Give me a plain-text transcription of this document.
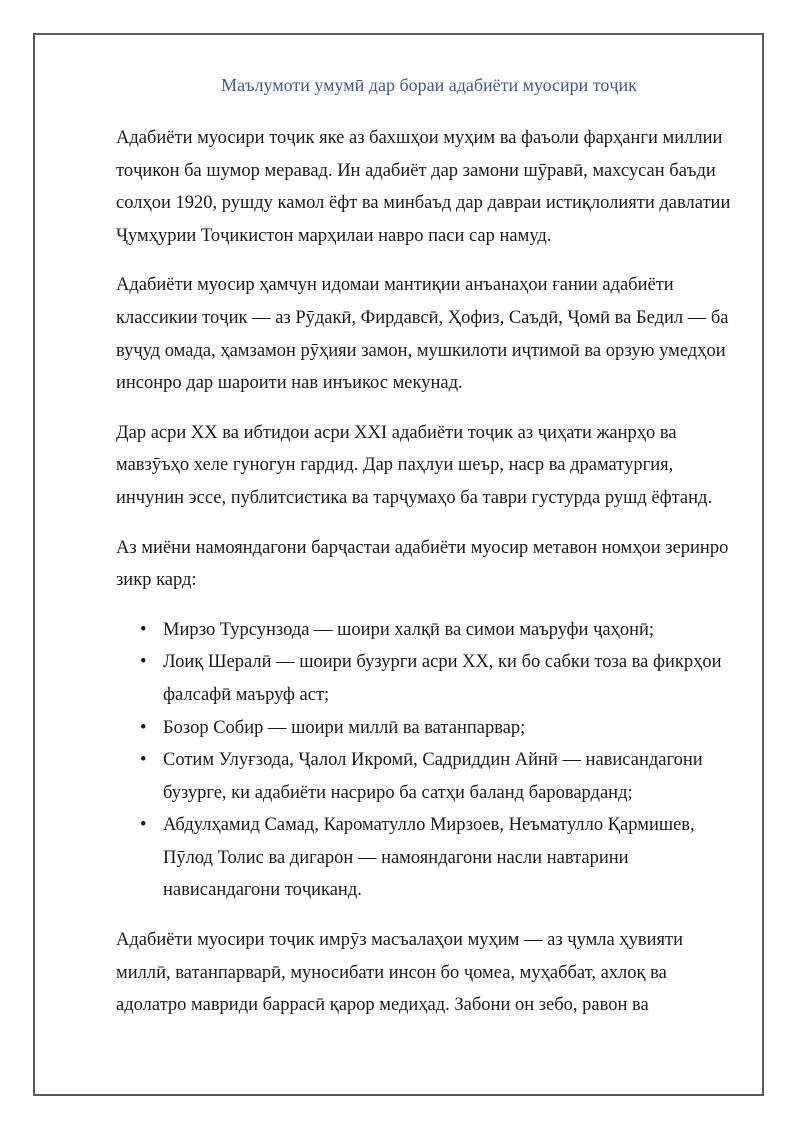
Маълумоти умумӣ дар бораи адабиёти муосири тоҷик

Адабиёти муосири тоҷик яке аз бахшҳои муҳим ва фаъоли фарҳанги миллии тоҷикон ба шумор меравад. Ин адабиёт дар замони шӯравӣ, махсусан баъди солҳои 1920, рушду камол ёфт ва минбаъд дар давраи истиқлолияти давлатии Ҷумҳурии Тоҷикистон марҳилаи навро паси сар намуд.

Адабиёти муосир ҳамчун идомаи мантиқии анъанаҳои ғании адабиёти классикии тоҷик — аз Рӯдакӣ, Фирдавсӣ, Ҳофиз, Саъдӣ, Ҷомӣ ва Бедил — ба вуҷуд омада, ҳамзамон рӯҳияи замон, мушкилоти иҷтимоӣ ва орзую умедҳои инсонро дар шароити нав инъикос мекунад.

Дар асри XX ва ибтидои асри XXI адабиёти тоҷик аз ҷиҳати жанрҳо ва мавзӯъҳо хеле гуногун гардид. Дар паҳлуи шеър, наср ва драматургия, инчунин эссе, публитсистика ва тарҷумаҳо ба таври густурда рушд ёфтанд.

Аз миёни намояндагони барҷастаи адабиёти муосир метавон номҳои зеринро зикр кард:

• Мирзо Турсунзода — шоири халқӣ ва симои маъруфи ҷаҳонӣ;
• Лоиқ Шералӣ — шоири бузурги асри XX, ки бо сабки тоза ва фикрҳои фалсафӣ маъруф аст;
• Бозор Собир — шоири миллӣ ва ватанпарвар;
• Сотим Улуғзода, Ҷалол Икромӣ, Садриддин Айнӣ — нависандагони бузурге, ки адабиёти насриро ба сатҳи баланд бароварданд;
• Абдулҳамид Самад, Кароматулло Мирзоев, Неъматулло Қармишев, Пӯлод Толис ва дигарон — намояндагони насли навтарини нависандагони тоҷиканд.

Адабиёти муосири тоҷик имрӯз масъалаҳои муҳим — аз ҷумла ҳувияти миллӣ, ватанпарварӣ, муносибати инсон бо ҷомеа, муҳаббат, ахлоқ ва адолатро мавриди баррасӣ қарор медиҳад. Забони он зебо, равон ва
